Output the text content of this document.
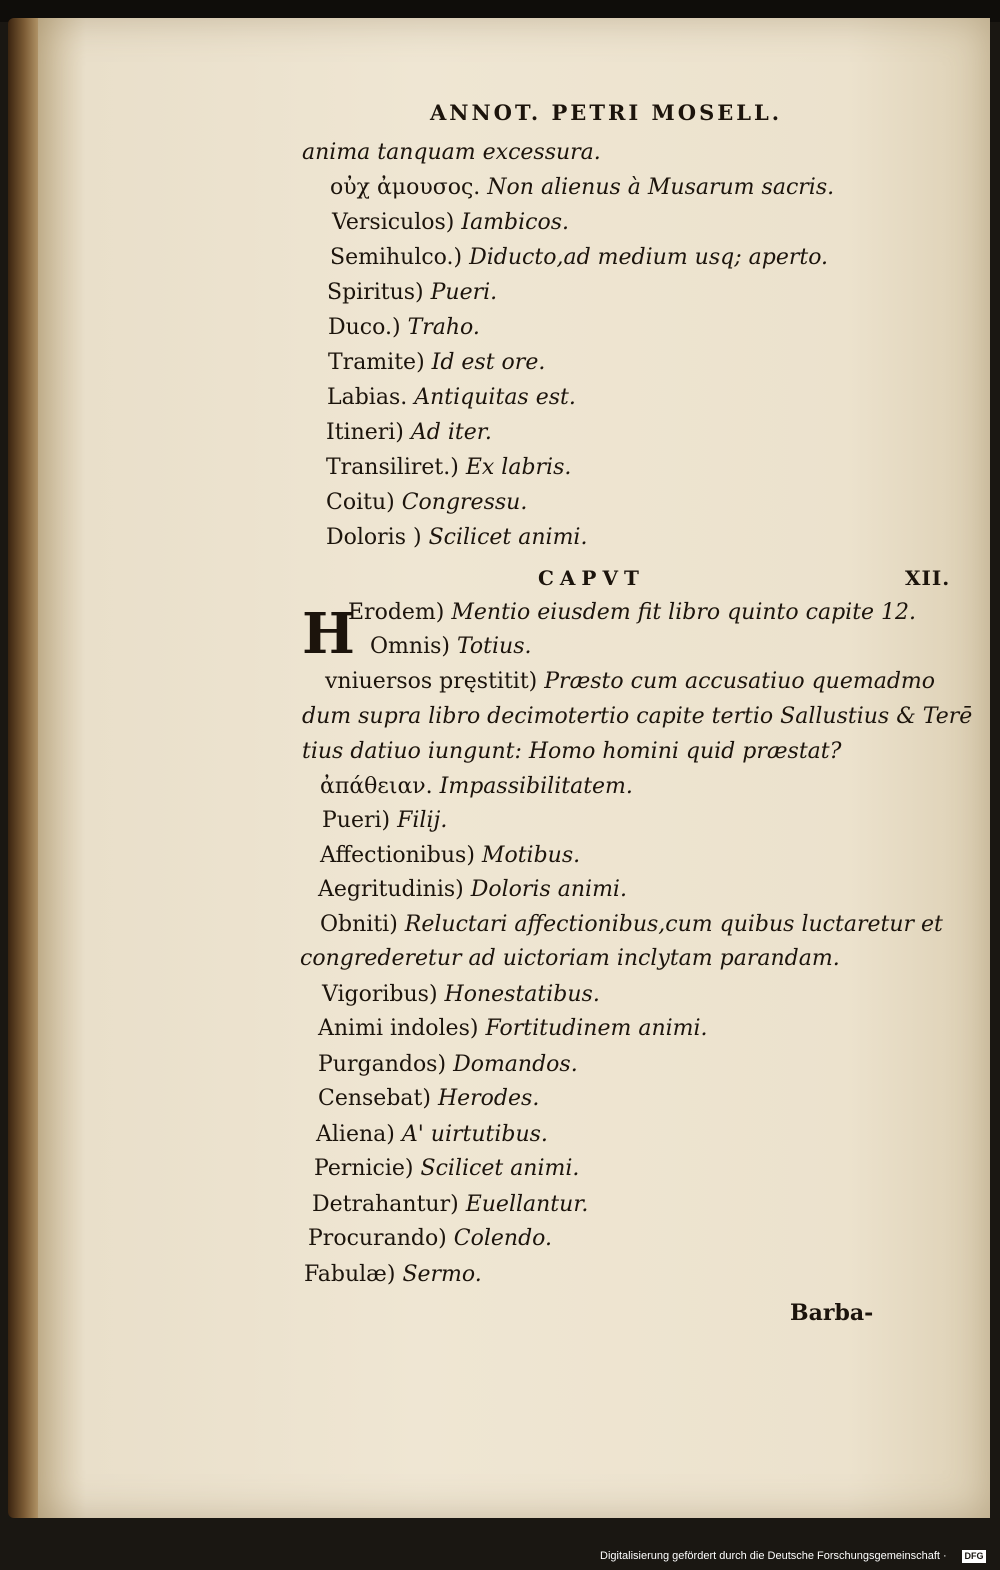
ANNOT. PETRI MOSELL.
anima tanquam excessura.
οὐχ ἀμουσος. Non alienus à Musarum sacris.
Versiculos) Iambicos.
Semihulco.) Diducto,ad medium usq; aperto.
Spiritus) Pueri.
Duco.) Traho.
Tramite) Id est ore.
Labias. Antiquitas est.
Itineri) Ad iter.
Transiliret.) Ex labris.
Coitu) Congressu.
Doloris ) Scilicet animi.
CAPVT	XII.
H
Erodem) Mentio eiusdem fit libro quinto capite 12.
Omnis) Totius.
vniuersos pręstitit) Præsto cum accusatiuo quemadmo
dum supra libro decimotertio capite tertio Sallustius & Terē
tius datiuo iungunt: Homo homini quid præstat?
ἀπάθειαν. Impassibilitatem.
Pueri) Filij.
Affectionibus) Motibus.
Aegritudinis) Doloris animi.
Obniti) Reluctari affectionibus,cum quibus luctaretur et
congrederetur ad uictoriam inclytam parandam.
Vigoribus) Honestatibus.
Animi indoles) Fortitudinem animi.
Purgandos) Domandos.
Censebat) Herodes.
Aliena) A' uirtutibus.
Pernicie) Scilicet animi.
Detrahantur) Euellantur.
Procurando) Colendo.
Fabulæ) Sermo.
Barba-
Digitalisierung gefördert durch die Deutsche Forschungsgemeinschaft · DFG
